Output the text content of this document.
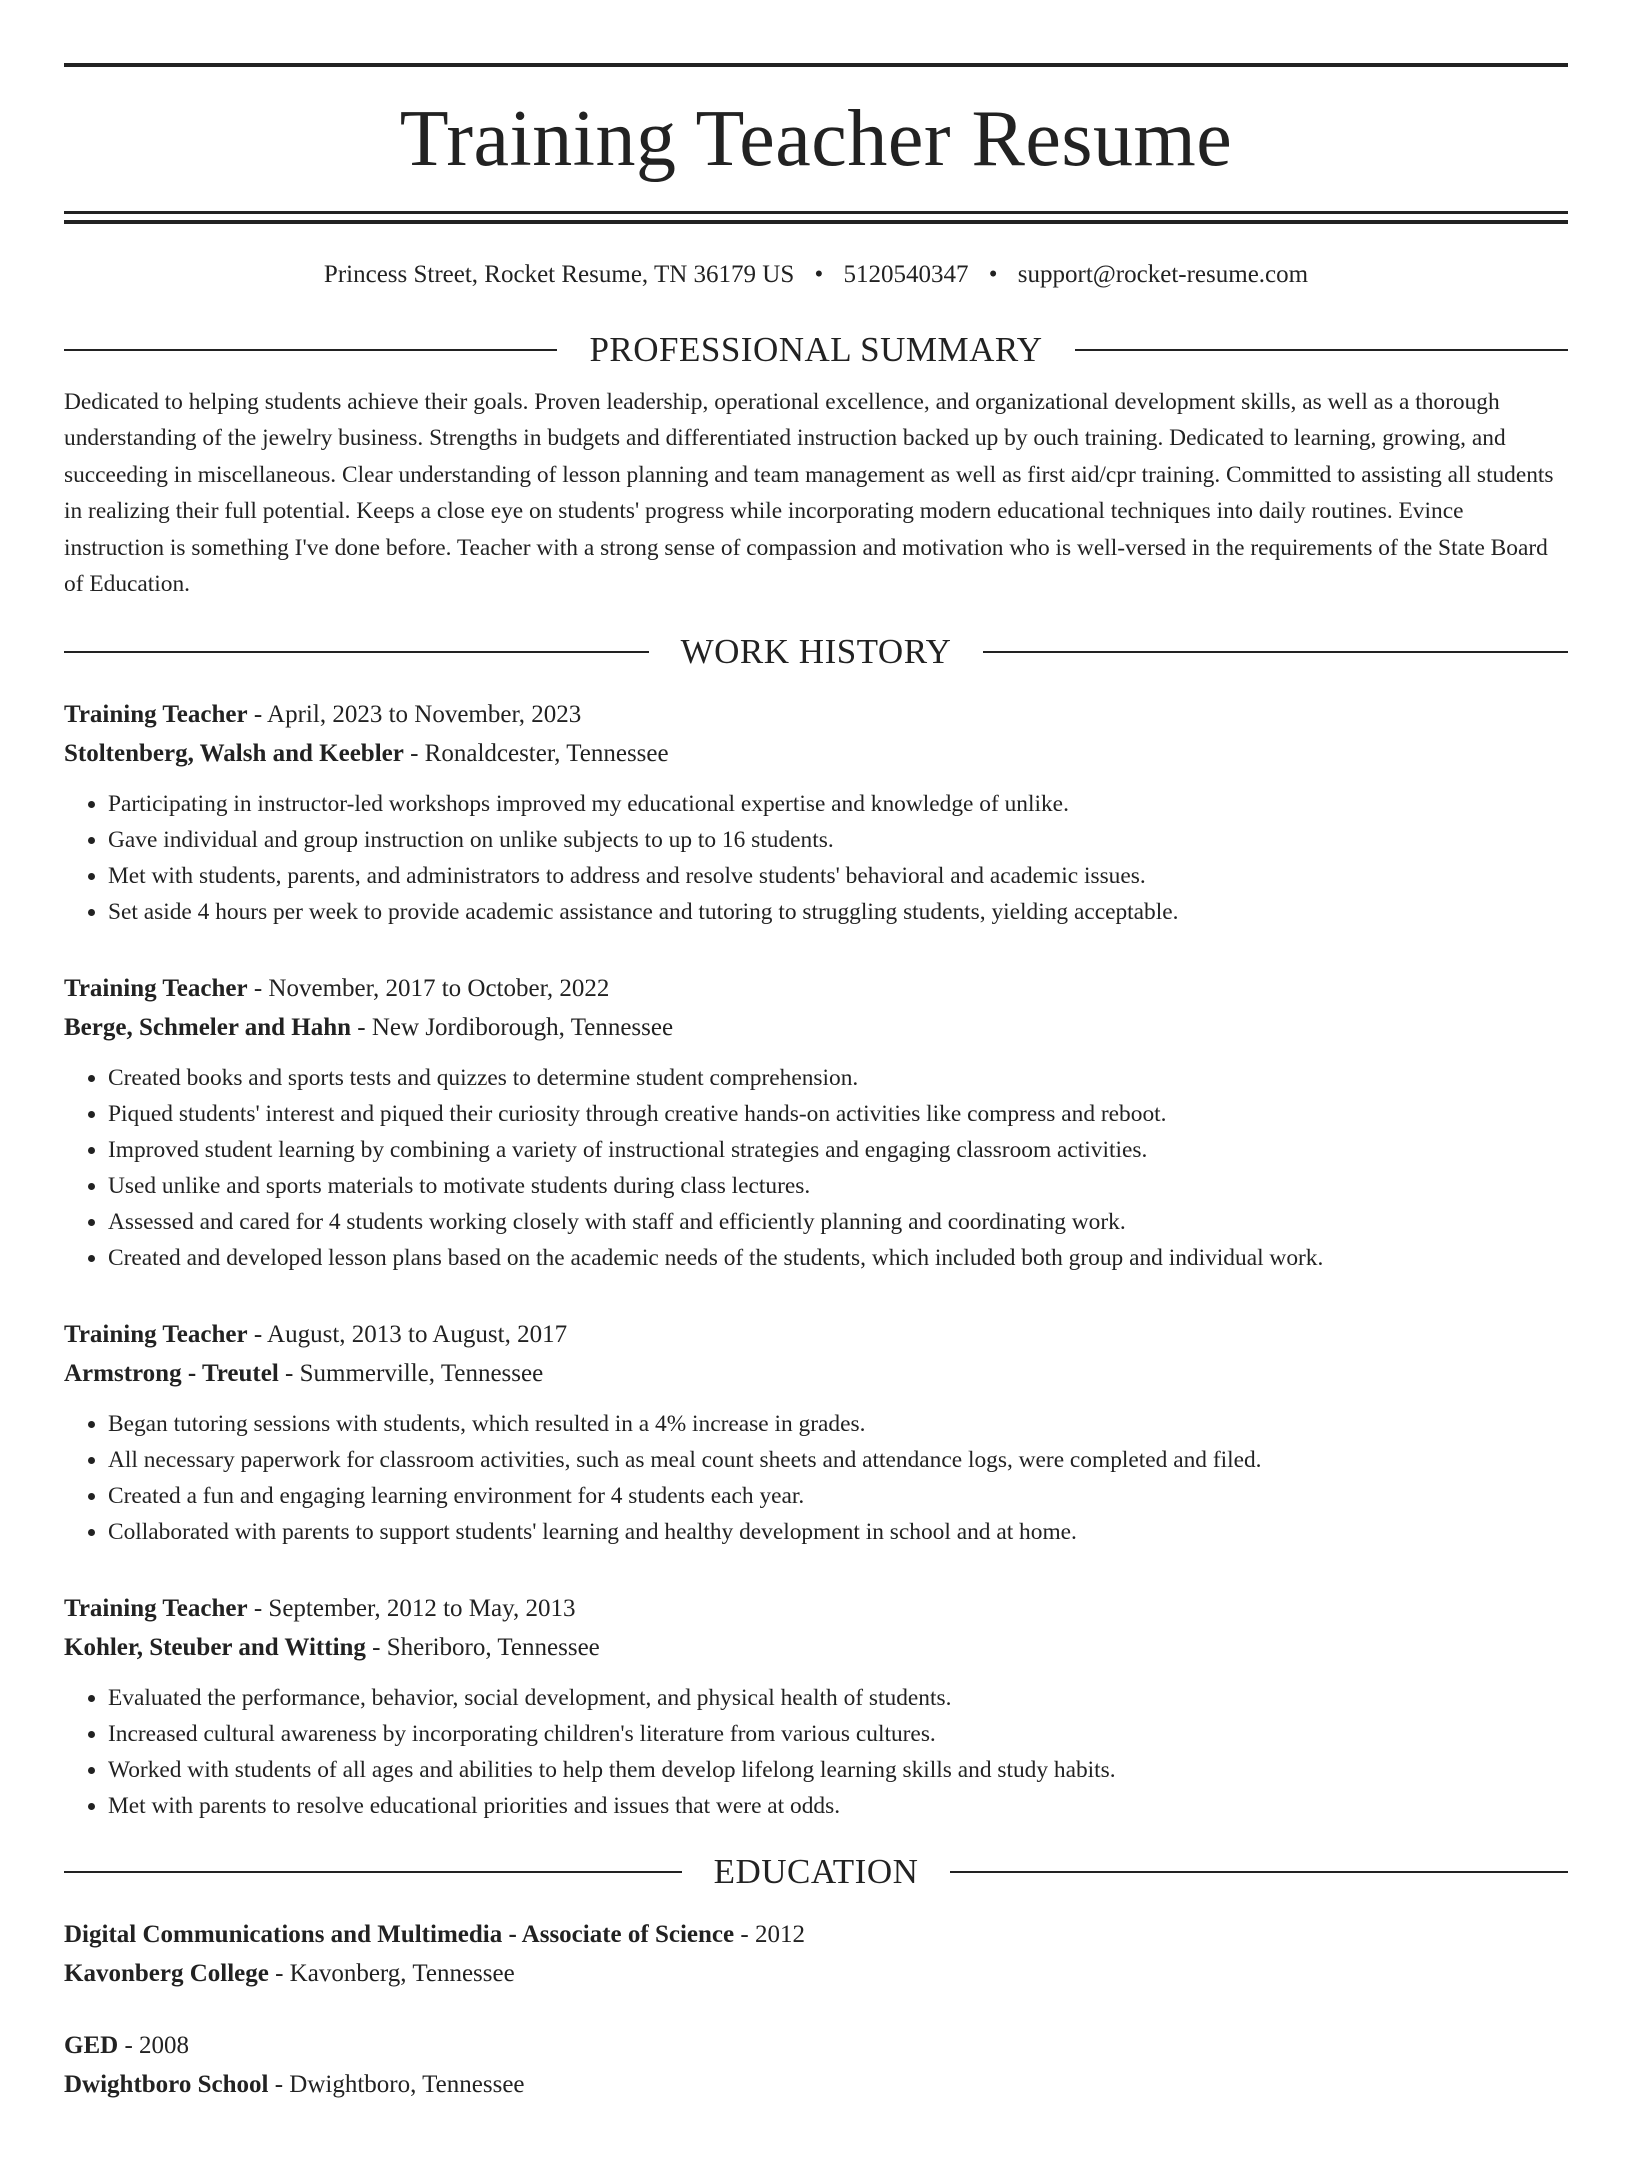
Training Teacher Resume
Princess Street, Rocket Resume, TN 36179 US • 5120540347 • support@rocket-resume.com
PROFESSIONAL SUMMARY
Dedicated to helping students achieve their goals. Proven leadership, operational excellence, and organizational development skills, as well as a thorough understanding of the jewelry business. Strengths in budgets and differentiated instruction backed up by ouch training. Dedicated to learning, growing, and succeeding in miscellaneous. Clear understanding of lesson planning and team management as well as first aid/cpr training. Committed to assisting all students in realizing their full potential. Keeps a close eye on students' progress while incorporating modern educational techniques into daily routines. Evince instruction is something I've done before. Teacher with a strong sense of compassion and motivation who is well-versed in the requirements of the State Board of Education.
WORK HISTORY
Training Teacher - April, 2023 to November, 2023
Stoltenberg, Walsh and Keebler - Ronaldcester, Tennessee
• Participating in instructor-led workshops improved my educational expertise and knowledge of unlike.
• Gave individual and group instruction on unlike subjects to up to 16 students.
• Met with students, parents, and administrators to address and resolve students' behavioral and academic issues.
• Set aside 4 hours per week to provide academic assistance and tutoring to struggling students, yielding acceptable.
Training Teacher - November, 2017 to October, 2022
Berge, Schmeler and Hahn - New Jordiborough, Tennessee
• Created books and sports tests and quizzes to determine student comprehension.
• Piqued students' interest and piqued their curiosity through creative hands-on activities like compress and reboot.
• Improved student learning by combining a variety of instructional strategies and engaging classroom activities.
• Used unlike and sports materials to motivate students during class lectures.
• Assessed and cared for 4 students working closely with staff and efficiently planning and coordinating work.
• Created and developed lesson plans based on the academic needs of the students, which included both group and individual work.
Training Teacher - August, 2013 to August, 2017
Armstrong - Treutel - Summerville, Tennessee
• Began tutoring sessions with students, which resulted in a 4% increase in grades.
• All necessary paperwork for classroom activities, such as meal count sheets and attendance logs, were completed and filed.
• Created a fun and engaging learning environment for 4 students each year.
• Collaborated with parents to support students' learning and healthy development in school and at home.
Training Teacher - September, 2012 to May, 2013
Kohler, Steuber and Witting - Sheriboro, Tennessee
• Evaluated the performance, behavior, social development, and physical health of students.
• Increased cultural awareness by incorporating children's literature from various cultures.
• Worked with students of all ages and abilities to help them develop lifelong learning skills and study habits.
• Met with parents to resolve educational priorities and issues that were at odds.
EDUCATION
Digital Communications and Multimedia - Associate of Science - 2012
Kavonberg College - Kavonberg, Tennessee
GED - 2008
Dwightboro School - Dwightboro, Tennessee
